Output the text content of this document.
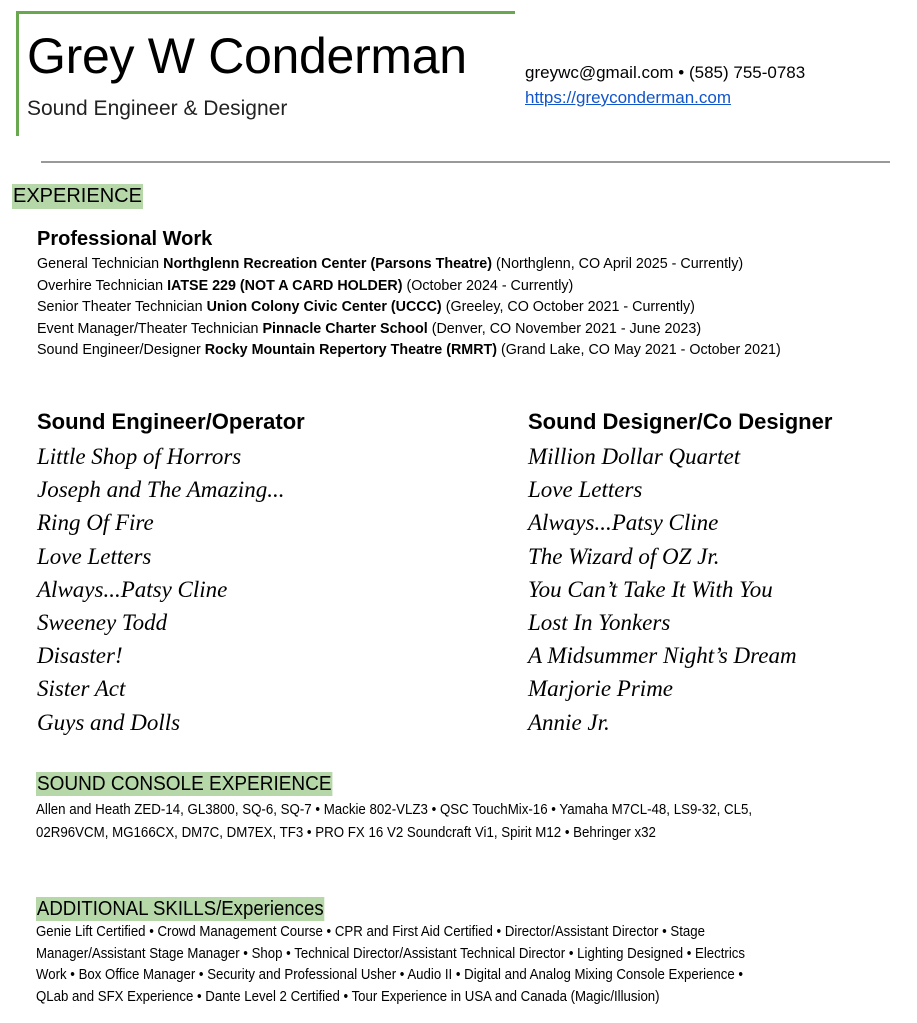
Grey W Conderman
Sound Engineer & Designer
greywc@gmail.com • (585) 755-0783
https://greyconderman.com
EXPERIENCE
Professional Work
General Technician Northglenn Recreation Center (Parsons Theatre) (Northglenn, CO April 2025 - Currently)
Overhire Technician IATSE 229 (NOT A CARD HOLDER) (October 2024 - Currently)
Senior Theater Technician Union Colony Civic Center (UCCC) (Greeley, CO October 2021 - Currently)
Event Manager/Theater Technician Pinnacle Charter School (Denver, CO November 2021 - June 2023)
Sound Engineer/Designer Rocky Mountain Repertory Theatre (RMRT) (Grand Lake, CO May 2021 - October 2021)
Sound Engineer/Operator
Little Shop of Horrors
Joseph and The Amazing...
Ring Of Fire
Love Letters
Always...Patsy Cline
Sweeney Todd
Disaster!
Sister Act
Guys and Dolls
Sound Designer/Co Designer
Million Dollar Quartet
Love Letters
Always...Patsy Cline
The Wizard of OZ Jr.
You Can’t Take It With You
Lost In Yonkers
A Midsummer Night’s Dream
Marjorie Prime
Annie Jr.
SOUND CONSOLE EXPERIENCE
Allen and Heath ZED-14, GL3800, SQ-6, SQ-7 • Mackie 802-VLZ3 • QSC TouchMix-16 • Yamaha M7CL-48, LS9-32, CL5,
02R96VCM, MG166CX, DM7C, DM7EX, TF3 • PRO FX 16 V2 Soundcraft Vi1, Spirit M12 • Behringer x32
ADDITIONAL SKILLS/Experiences
Genie Lift Certified • Crowd Management Course • CPR and First Aid Certified • Director/Assistant Director • Stage
Manager/Assistant Stage Manager • Shop • Technical Director/Assistant Technical Director • Lighting Designed • Electrics
Work • Box Office Manager • Security and Professional Usher • Audio II • Digital and Analog Mixing Console Experience •
QLab and SFX Experience • Dante Level 2 Certified • Tour Experience in USA and Canada (Magic/Illusion)
